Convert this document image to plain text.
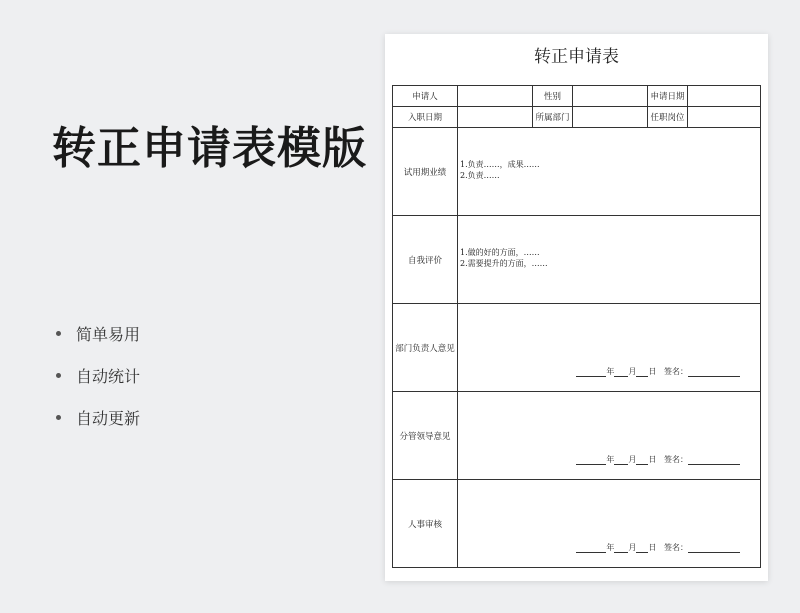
转正申请表模版
简单易用
自动统计
自动更新
转正申请表
申请人		性别		申请日期	
入职日期		所属部门		任职岗位	
试用期业绩	1.负责……，成果……
2.负责……				

自我评价	1.做的好的方面，……
2.需要提升的方面，……				

部门负责人意见	年 月 日
签名：				

分管领导意见	年 月 日
签名：				

人事审核	年 月 日
签名：				
